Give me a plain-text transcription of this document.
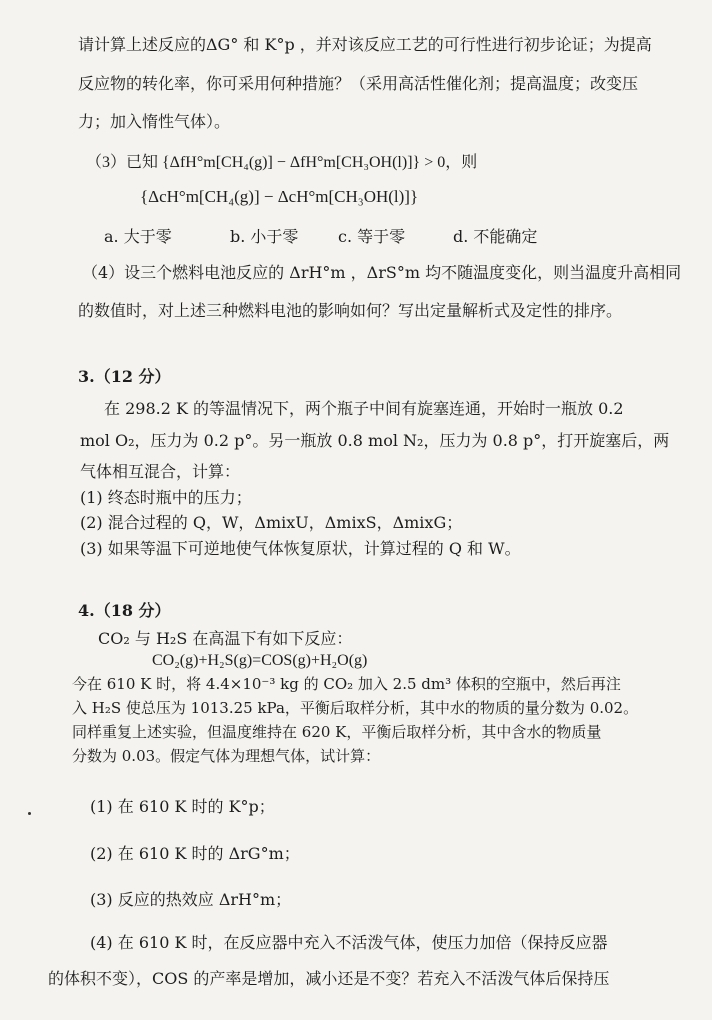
请计算上述反应的ΔG° 和 K°p ，并对该反应工艺的可行性进行初步论证；为提高
反应物的转化率，你可采用何种措施？（采用高活性催化剂；提高温度；改变压
力；加入惰性气体）。
（3）已知 {ΔfH°m[CH₄(g)] − ΔfH°m[CH₃OH(l)]} > 0，则
{ΔcH°m[CH₄(g)] − ΔcH°m[CH₃OH(l)]}
a. 大于零	b. 小于零 c. 等于零	d. 不能确定
（4）设三个燃料电池反应的 ΔrH°m ，ΔrS°m 均不随温度变化，则当温度升高相同
的数值时，对上述三种燃料电池的影响如何？写出定量解析式及定性的排序。
3.（12 分）
在 298.2 K 的等温情况下，两个瓶子中间有旋塞连通，开始时一瓶放 0.2
mol O₂，压力为 0.2 p°。另一瓶放 0.8 mol N₂，压力为 0.8 p°，打开旋塞后，两
气体相互混合，计算：
(1) 终态时瓶中的压力；
(2) 混合过程的 Q，W，ΔmixU，ΔmixS，ΔmixG；
(3) 如果等温下可逆地使气体恢复原状，计算过程的 Q 和 W。
4.（18 分）
CO₂ 与 H₂S 在高温下有如下反应：
CO₂(g)+H₂S(g)=COS(g)+H₂O(g)
今在 610 K 时，将 4.4×10⁻³ kg 的 CO₂ 加入 2.5 dm³ 体积的空瓶中，然后再注
入 H₂S 使总压为 1013.25 kPa，平衡后取样分析，其中水的物质的量分数为 0.02。
同样重复上述实验，但温度维持在 620 K，平衡后取样分析，其中含水的物质量
分数为 0.03。假定气体为理想气体，试计算：
(1) 在 610 K 时的 K°p；
(2) 在 610 K 时的 ΔrG°m；
(3) 反应的热效应 ΔrH°m；
(4) 在 610 K 时，在反应器中充入不活泼气体，使压力加倍（保持反应器
的体积不变），COS 的产率是增加，减小还是不变？若充入不活泼气体后保持压
